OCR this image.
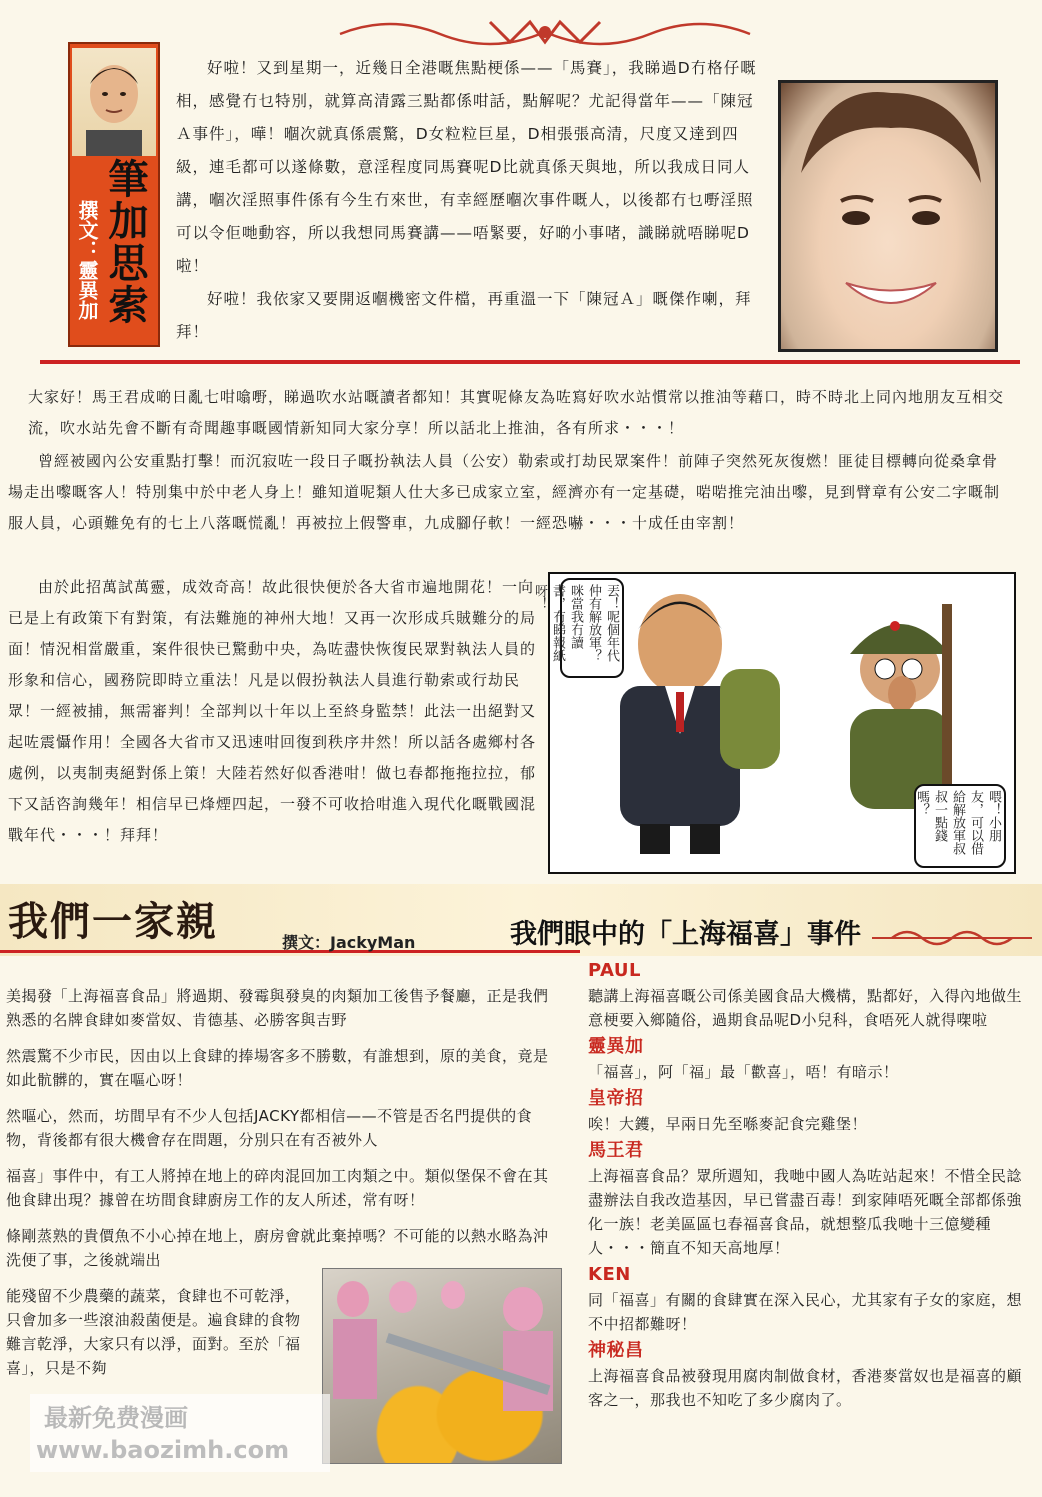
筆加思索
撰文：靈異加

好啦！又到星期一，近幾日全港嘅焦點梗係——「馬賽」，我睇過D冇格仔嘅相，感覺冇乜特別，就算高清露三點都係咁話，點解呢？尤記得當年——「陳冠Ａ事件」，嘩！嗰次就真係震驚，D女粒粒巨星，D相張張高清，尺度又達到四級，連毛都可以遂條數，意淫程度同馬賽呢D比就真係天與地，所以我成日同人講，嗰次淫照事件係有今生冇來世，有幸經歷嗰次事件嘅人，以後都冇乜嘢淫照可以令佢哋動容，所以我想同馬賽講——唔緊要，好啲小事啫，識睇就唔睇呢D啦！

好啦！我依家又要開返嗰機密文件檔，再重溫一下「陳冠Ａ」嘅傑作喇，拜拜！

大家好！馬王君成啲日亂七咁噏嘢，睇過吹水站嘅讀者都知！其實呢條友為咗寫好吹水站慣常以推油等藉口，時不時北上同內地朋友互相交流，吹水站先會不斷有奇聞趣事嘅國情新知同大家分享！所以話北上推油，各有所求・・・！
曾經被國內公安重點打擊！而沉寂咗一段日子嘅扮執法人員（公安）勒索或打劫民眾案件！前陣子突然死灰復燃！匪徒目標轉向從桑拿骨場走出嚟嘅客人！特別集中於中老人身上！雖知道呢類人仕大多已成家立室，經濟亦有一定基礎，啱啱推完油出嚟，見到臂章有公安二字嘅制服人員，心頭難免有的七上八落嘅慌亂！再被拉上假警車，九成腳仔軟！一經恐嚇・・・十成任由宰割！
由於此招萬試萬靈，成效奇高！故此很快便於各大省市遍地開花！一向已是上有政策下有對策，有法難施的神州大地！又再一次形成兵賊難分的局面！情況相當嚴重，案件很快已驚動中央，為咗盡快恢復民眾對執法人員的形象和信心，國務院即時立重法！凡是以假扮執法人員進行勒索或行劫民眾！一經被捕，無需審判！全部判以十年以上至終身監禁！此法一出絕對又起咗震懾作用！全國各大省市又迅速咁回復到秩序井然！所以話各處鄉村各處例，以夷制夷絕對係上策！大陸若然好似香港咁！做乜春都拖拖拉拉，郁下又話咨詢幾年！相信早已烽煙四起，一發不可收拾咁進入現代化嘅戰國混戰年代・・・！拜拜！
丟！呢個年代仲有解放軍？咪當我冇讀書，冇睇報紙呀！
喂！小朋友，可以借給解放軍叔叔一點錢嗎？
我們一家親	撰文：JackyMan	我們眼中的「上海福喜」事件
美揭發「上海福喜食品」將過期、發霉與發臭的肉類加工後售予餐廳，正是我們熟悉的名牌食肆如麥當奴、肯德基、必勝客與吉野
然震驚不少市民，因由以上食肆的捧場客多不勝數，有誰想到，原的美食，竟是如此骯髒的，實在嘔心呀！
然嘔心，然而，坊間早有不少人包括JACKY都相信——不管是否名門提供的食物，背後都有很大機會存在問題，分別只在有否被外人
福喜」事件中，有工人將掉在地上的碎肉混回加工肉類之中。類似堡保不會在其他食肆出現？據曾在坊間食肆廚房工作的友人所述，常有呀！
條剛蒸熟的貴價魚不小心掉在地上，廚房會就此棄掉嗎？不可能的以熱水略為沖洗便了事，之後就端出
能殘留不少農藥的蔬菜，食肆也不可乾淨，只會加多一些滾油殺菌便是。遍食肆的食物難言乾淨，大家只有以淨，面對。至於「福喜」，只是不夠
PAUL
聽講上海福喜嘅公司係美國食品大機構，點都好，入得內地做生意梗要入鄉隨俗，過期食品呢D小兒科，食唔死人就得㗎啦
靈異加
「福喜」，阿「福」最「歡喜」，唔！有暗示！
皇帝招
唉！大鑊，早兩日先至喺麥記食完雞堡！
馬王君
上海福喜食品？眾所週知，我哋中國人為咗站起來！不惜全民諗盡辦法自我改造基因，早已嘗盡百毒！到家陣唔死嘅全部都係強化一族！老美區區乜春福喜食品，就想整瓜我哋十三億變種人・・・簡直不知天高地厚！
KEN
同「福喜」有關的食肆實在深入民心，尤其家有子女的家庭，想不中招都難呀！
神秘昌
上海福喜食品被發現用腐肉制做食材，香港麥當奴也是福喜的顧客之一，那我也不知吃了多少腐肉了。
最新免费漫画
www.baozimh.com
